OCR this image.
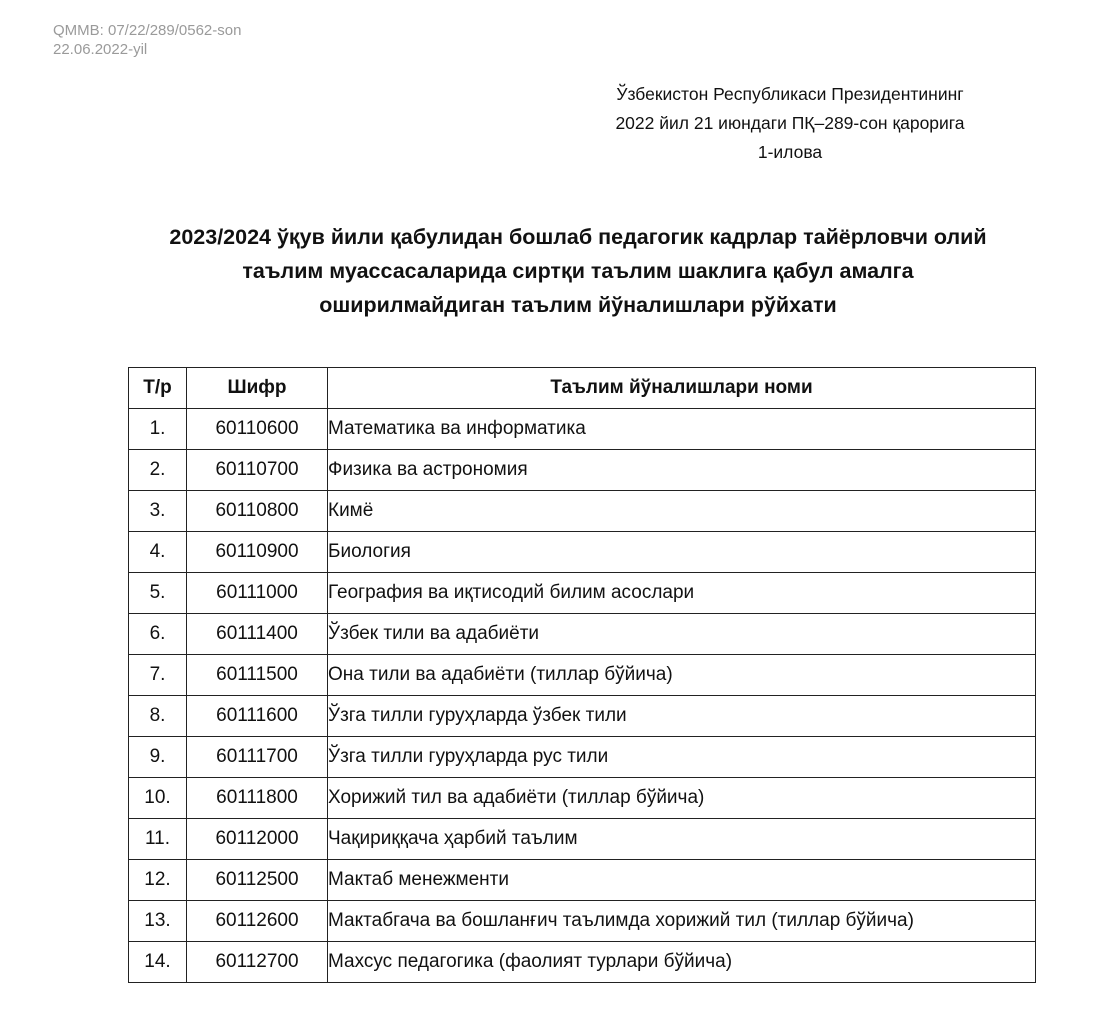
QMMB: 07/22/289/0562-son
22.06.2022-yil
Ўзбекистон Республикаси Президентининг
2022 йил 21 июндаги ПҚ–289-сон қарорига
1-илова
2023/2024 ўқув йили қабулидан бошлаб педагогик кадрлар тайёрловчи олий
таълим муассасаларида сиртқи таълим шаклига қабул амалга
оширилмайдиган таълим йўналишлари рўйхати
Т/р	Шифр	Таълим йўналишлари номи
1.	60110600	Математика ва информатика
2.	60110700	Физика ва астрономия
3.	60110800	Кимё
4.	60110900	Биология
5.	60111000	География ва иқтисодий билим асослари
6.	60111400	Ўзбек тили ва адабиёти
7.	60111500	Она тили ва адабиёти (тиллар бўйича)
8.	60111600	Ўзга тилли гуруҳларда ўзбек тили
9.	60111700	Ўзга тилли гуруҳларда рус тили
10.	60111800	Хорижий тил ва адабиёти (тиллар бўйича)
11.	60112000	Чақириққача ҳарбий таълим
12.	60112500	Мактаб менежменти
13.	60112600	Мактабгача ва бошланғич таълимда хорижий тил (тиллар бўйича)
14.	60112700	Махсус педагогика (фаолият турлари бўйича)
